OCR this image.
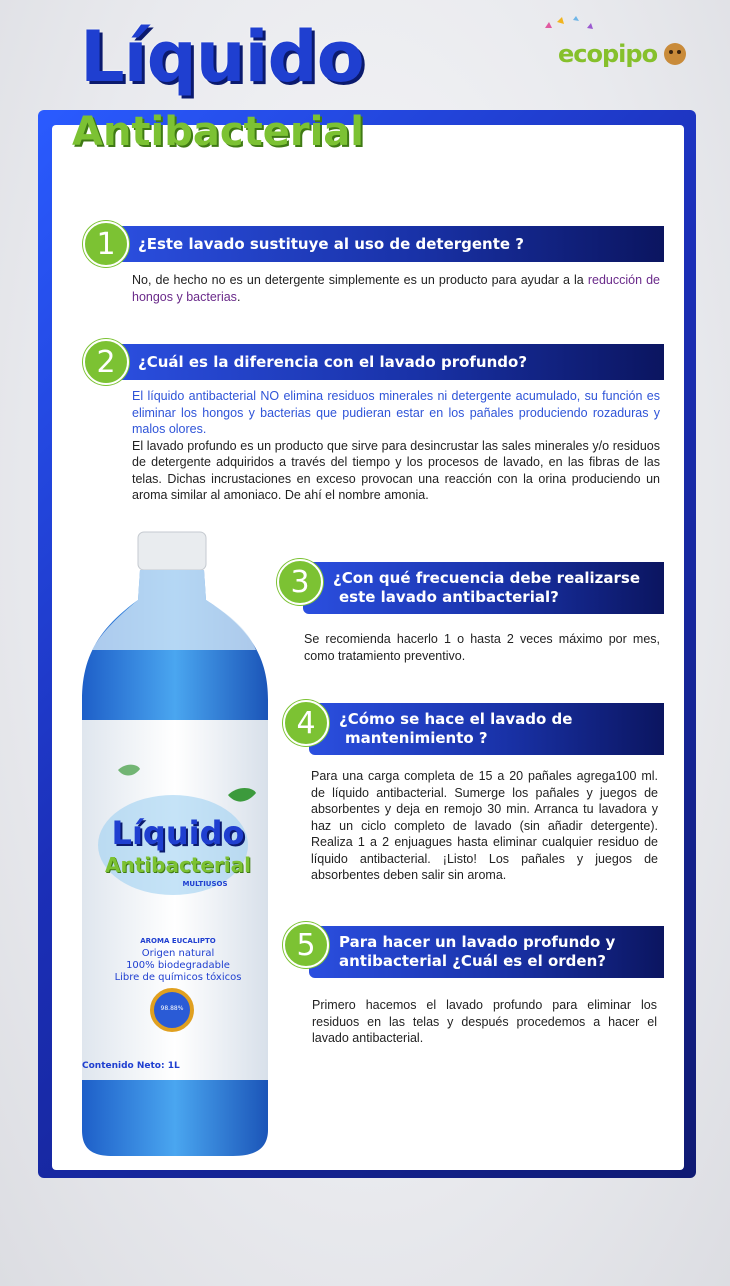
Líquido
Antibacterial
ecopipo
1	¿Este lavado sustituye al uso de detergente ?
No, de hecho no es un detergente simplemente es un producto para ayudar a la reducción de hongos y bacterias.
2	¿Cuál es la diferencia con el lavado profundo?
El líquido antibacterial NO elimina residuos minerales ni detergente acumulado, su función es eliminar los hongos y bacterias que pudieran estar en los pañales produciendo rozaduras y malos olores.
El lavado profundo es un producto que sirve para desincrustar las sales minerales y/o residuos de detergente adquiridos a través del tiempo y los procesos de lavado, en las fibras de las telas. Dichas incrustaciones en exceso provocan una reacción con la orina produciendo un aroma similar al amoniaco. De ahí el nombre amonia.
Líquido
Antibacterial
MULTIUSOS
AROMA EUCALIPTO
Origen natural
100% biodegradable
Libre de químicos tóxicos
98.88%
Contenido Neto: 1L
3	¿Con qué frecuencia debe realizarse
este lavado antibacterial?
Se recomienda hacerlo 1 o hasta 2 veces máximo por mes, como tratamiento preventivo.
4	¿Cómo se hace el lavado de
mantenimiento ?
Para una carga completa de 15 a 20 pañales agrega100 ml. de líquido antibacterial. Sumerge los pañales y juegos de absorbentes y deja en remojo 30 min. Arranca tu lavadora y haz un ciclo completo de lavado (sin añadir detergente). Realiza 1 a 2 enjuagues hasta eliminar cualquier residuo de líquido antibacterial. ¡Listo! Los pañales y juegos de absorbentes deben salir sin aroma.
5	Para hacer un lavado profundo y
antibacterial ¿Cuál es el orden?
Primero hacemos el lavado profundo para eliminar los residuos en las telas y después procedemos a hacer el lavado antibacterial.
